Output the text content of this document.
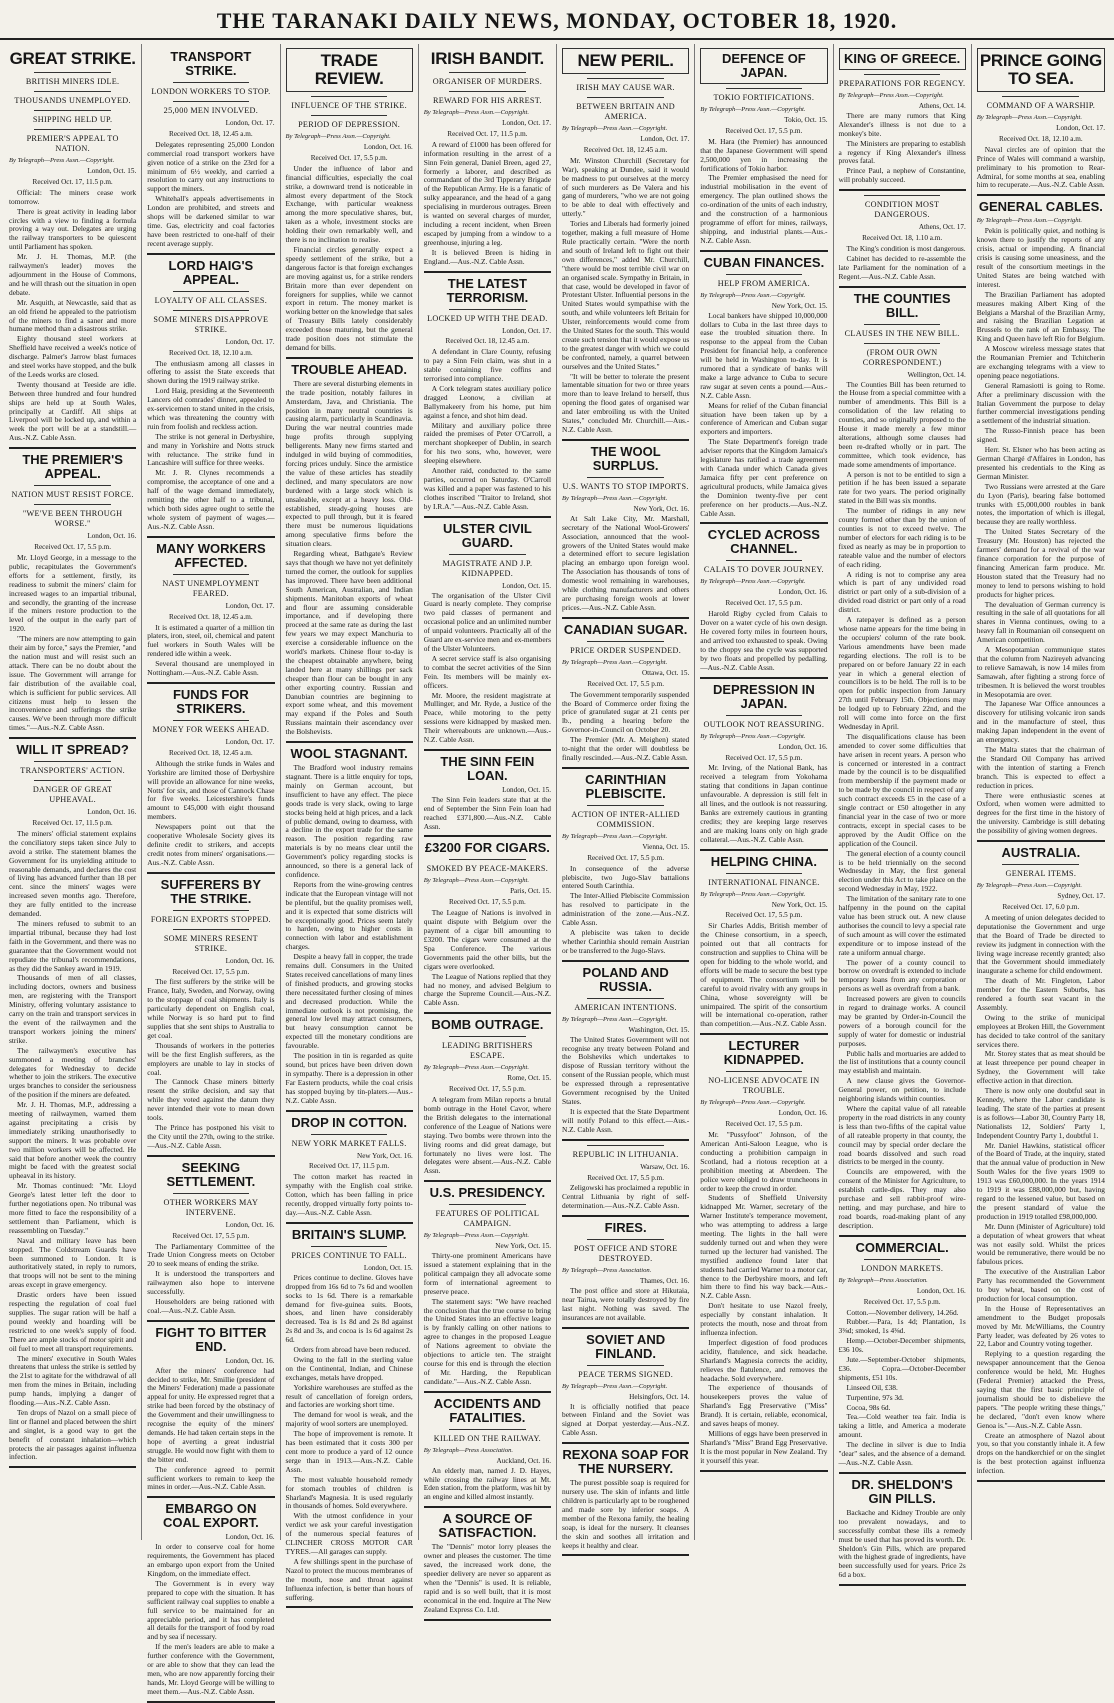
THE TARANAKI DAILY NEWS, MONDAY, OCTOBER 18, 1920.
GREAT STRIKE.
BRITISH MINERS IDLE.
THOUSANDS UNEMPLOYED.
SHIPPING HELD UP.
PREMIER'S APPEAL TO NATION.
By Telegraph—Press Assn.—Copyright.
London, Oct. 15.
Received Oct. 17, 11.5 p.m.

Official: The miners cease work tomorrow.

There is great activity in leading labor circles with a view to finding a formula proving a way out. Delegates are urging the railway transporters to be quiescent until Parliament has spoken.

Mr. J. H. Thomas, M.P. (the railwaymen's leader) moves the adjournment in the House of Commons, and he will thrash out the situation in open debate.

Mr. Asquith, at Newcastle, said that as an old friend he appealed to the patriotism of the miners to find a saner and more humane method than a disastrous strike.

Eighty thousand steel workers at Sheffield have received a week's notice of discharge. Palmer's Jarrow blast furnaces and steel works have stopped, and the bulk of the Leeds works are closed.

Twenty thousand at Teeside are idle. Between three hundred and four hundred ships are held up at South Wales, principally at Cardiff. All ships at Liverpool will be locked up, and within a week the port will be at a standstill.—Aus.-N.Z. Cable Assn.

THE PREMIER'S APPEAL.
NATION MUST RESIST FORCE.
"WE'VE BEEN THROUGH WORSE."
London, Oct. 16.
Received Oct. 17, 5.5 p.m.

Mr. Lloyd George, in a message to the public, recapitulates the Government's efforts for a settlement, firstly, its readiness to submit the miners' claim for increased wages to an impartial tribunal, and secondly, the granting of the increase if the miners restore production to the level of the output in the early part of 1920.

"The miners are now attempting to gain their aim by force," says the Premier, "and the nation must and will resist such an attack. There can be no doubt about the issue. The Government will arrange for fair distribution of the available coal, which is sufficient for public services. All citizens must help to lessen the inconvenience and sufferings the strike causes. We've been through more difficult times."—Aus.-N.Z. Cable Assn.

WILL IT SPREAD?
TRANSPORTERS' ACTION.
DANGER OF GREAT UPHEAVAL.
London, Oct. 16.
Received Oct. 17, 11.5 p.m.

The miners' official statement explains the conciliatory steps taken since July to avoid a strike. The statement blames the Government for its unyielding attitude to reasonable demands, and declares the cost of living has advanced further than 18 per cent. since the miners' wages were increased seven months ago. Therefore, they are fully entitled to the increase demanded.

The miners refused to submit to an impartial tribunal, because they had lost faith in the Government, and there was no guarantee that the Government would not repudiate the tribunal's recommendations, as they did the Sankey award in 1919.

Thousands of men of all classes, including doctors, owners and business men, are registering with the Transport Ministry, offering voluntary assistance to carry on the train and transport services in the event of the railwaymen and the transport workers joining the miners' strike.

The railwaymen's executive has summoned a meeting of branches' delegates for Wednesday to decide whether to join the strikers. The executive urges branches to consider the seriousness of the position if the miners are defeated.

Mr. J. H. Thomas, M.P., addressing a meeting of railwaymen, warned them against precipitating a crisis by immediately striking unauthorisedly to support the miners. It was probable over two million workers will be affected. He said that before another week the country might be faced with the greatest social upheaval in its history.

Mr. Thomas continued: "Mr. Lloyd George's latest letter left the door to further negotiations open. No tribunal was more fitted to face the responsibility of a settlement than Parliament, which is reassembling on Tuesday."

Naval and military leave has been stopped. The Coldstream Guards have been summoned to London. It is authoritatively stated, in reply to rumors, that troops will not be sent to the mining areas except in grave emergency.

Drastic orders have been issued respecting the regulation of coal fuel supplies. The sugar ration will be half a pound weekly and hoarding will be restricted to one week's supply of food. There are ample stocks of motor spirit and oil fuel to meet all transport requirements.

The miners' executive in South Wales threatens that unless the strike is settled by the 21st to agitate for the withdrawal of all men from the mines in Britain, including pump hands, implying a danger of flooding.—Aus.-N.Z. Cable Assn.

Ten drops of Nazol on a small piece of lint or flannel and placed between the shirt and singlet, is a good way to get the benefit of constant inhalation—which protects the air passages against influenza infection.

TRANSPORT STRIKE.
LONDON WORKERS TO STOP.
25,000 MEN INVOLVED.
London, Oct. 17.
Received Oct. 18, 12.45 a.m.

Delegates representing 25,000 London commercial road transport workers have given notice of a strike on the 23rd for a minimum of 6½ weekly, and carried a resolution to carry out any instructions to support the miners.

Whitehall's appeals advertisements in London are prohibited, and streets and shops will be darkened similar to war time. Gas, electricity and coal factories have been restricted to one-half of their recent average supply.

LORD HAIG'S APPEAL.
LOYALTY OF ALL CLASSES.
SOME MINERS DISAPPROVE STRIKE.
London, Oct. 17.
Received Oct. 18, 12.10 a.m.

The enthusiasm among all classes in offering to assist the State exceeds that shown during the 1919 railway strike.

Lord Haig, presiding at the Seventeenth Lancers old comrades' dinner, appealed to ex-servicemen to stand united in the crisis, which was threatening the country with ruin from foolish and reckless action.

The strike is not general in Derbyshire, and many in Yorkshire and Notts struck with reluctance. The strike fund in Lancashire will suffice for three weeks.

Mr. J. R. Clynes recommends a compromise, the acceptance of one and a half of the wage demand immediately, remitting the other half to a tribunal, which both sides agree ought to settle the whole system of payment of wages.—Aus.-N.Z. Cable Assn.

MANY WORKERS AFFECTED.
NAST UNEMPLOYMENT FEARED.
London, Oct. 17.
Received Oct. 18, 12.45 a.m.

It is estimated a quarter of a million tin platers, iron, steel, oil, chemical and patent fuel workers in South Wales will be rendered idle within a week.

Several thousand are unemployed in Nottingham.—Aus.-N.Z. Cable Assn.

FUNDS FOR STRIKERS.
MONEY FOR WEEKS AHEAD.
London, Oct. 17.
Received Oct. 18, 12.45 a.m.

Although the strike funds in Wales and Yorkshire are limited those of Derbyshire will provide an allowance for nine weeks, Notts' for six, and those of Cannock Chase for five weeks. Leicestershire's funds amount to £45,000 with eight thousand members.

Newspapers point out that the cooperative Wholesale Society gives its definite credit to strikers, and accepts credit notes from miners' organisations.—Aus.-N.Z. Cable Assn.

SUFFERERS BY THE STRIKE.
FOREIGN EXPORTS STOPPED.
SOME MINERS RESENT STRIKE.
London, Oct. 16.
Received Oct. 17, 5.5 p.m.

The first sufferers by the strike will be France, Italy, Sweden, and Norway, owing to the stoppage of coal shipments. Italy is particularly dependent on English coal, while Norway is so hard put to find supplies that she sent ships to Australia to get coal.

Thousands of workers in the potteries will be the first English sufferers, as the employers are unable to lay in stocks of coal.

The Cannock Chase miners bitterly resent the strike decision, and say that while they voted against the datum they never intended their vote to mean down tools.

The Prince has postponed his visit to the City until the 27th, owing to the strike.—Aus.-N.Z. Cable Assn.

SEEKING SETTLEMENT.
OTHER WORKERS MAY INTERVENE.
London, Oct. 16.
Received Oct. 17, 5.5 p.m.

The Parliamentary Committee of the Trade Union Congress meets on October 20 to seek means of ending the strike.

It is understood the transporters and railwaymen also hope to intervene successfully.

Householders are being rationed with coal.—Aus.-N.Z. Cable Assn.

FIGHT TO BITTER END.
London, Oct. 16.

After the miners' conference had decided to strike, Mr. Smillie (president of the Miners' Federation) made a passionate appeal for unity. He expressed regret that a strike had been forced by the obstinacy of the Government and their unwillingness to recognise the equity of the miners' demands. He had taken certain steps in the hope of averting a great industrial struggle. He would now fight with them to the bitter end.

The conference agreed to permit sufficient workers to remain to keep the mines in order.—Aus.-N.Z. Cable Assn.

EMBARGO ON COAL EXPORT.
London, Oct. 16.

In order to conserve coal for home requirements, the Government has placed an embargo upon export from the United Kingdom, on the immediate effect.

The Government is in every way prepared to cope with the situation. It has sufficient railway coal supplies to enable a full service to be maintained for an appreciable period, and it has completed all details for the transport of food by road and by sea if necessary.

If the men's leaders are able to make a further conference with the Government, or are able to show that they can lead the men, who are now apparently forcing their hands, Mr. Lloyd George will be willing to meet them.—Aus.-N.Z. Cable Assn.

TRADE REVIEW.
INFLUENCE OF THE STRIKE.
PERIOD OF DEPRESSION.
By Telegraph—Press Assn.—Copyright.
London, Oct. 16.
Received Oct. 17, 5.5 p.m.

Under the influence of labor and financial difficulties, especially the coal strike, a downward trend is noticeable in almost every department of the Stock Exchange, with particular weakness among the more speculative shares, but, taken as a whole, investment stocks are holding their own remarkably well, and there is no inclination to realise.

Financial circles generally expect a speedy settlement of the strike, but a dangerous factor is that foreign exchanges are moving against us, for a strike renders Britain more than ever dependent on foreigners for supplies, while we cannot export in return. The money market is working better on the knowledge that sales of Treasury Bills lately considerably exceeded those maturing, but the general trade position does not stimulate the demand for bills.

TROUBLE AHEAD.

There are several disturbing elements in the trade position, notably failures in Amsterdam, Java, and Christiania. The position in many neutral countries is causing alarm, particularly in Scandinavia. During the war neutral countries made huge profits through supplying belligerents. Many new firms started and indulged in wild buying of commodities, forcing prices unduly. Since the armistice the value of these articles has steadily declined, and many speculators are now burdened with a large stock which is unsaleable, except at a heavy loss. Old-established, steady-going houses are expected to pull through, but it is feared there must be numerous liquidations among speculative firms before the situation clears.

Regarding wheat, Bathgate's Review says that though we have not yet definitely turned the corner, the outlook for supplies has improved. There have been additional South American, Australian, and Indian shipments. Manitoban exports of wheat and flour are assuming considerable importance, and if developing there proceed at the same rate as during the last few years we may expect Manchuria to exercise a considerable influence on the world's markets. Chinese flour to-day is the cheapest obtainable anywhere, being landed here at many shillings per sack cheaper than flour can be bought in any other exporting country. Russian and Danubian countries are beginning to export some wheat, and this movement may expand if the Poles and South Russians maintain their ascendancy over the Bolshevists.

WOOL STAGNANT.

The Bradford wool industry remains stagnant. There is a little enquiry for tops, mainly on German account, but insufficient to have any effect. The piece goods trade is very slack, owing to large stocks being held at high prices, and a lack of public demand, owing to dearness, with a decline in the export trade for the same reason. The position regarding raw materials is by no means clear until the Government's policy regarding stocks is announced, so there is a general lack of confidence.

Reports from the wine-growing centres indicate that the European vintage will not be plentiful, but the quality promises well, and it is expected that some districts will be exceptionally good. Prices seem lately to harden, owing to higher costs in connection with labor and establishment charges.

Despite a heavy fall in copper, the trade remains dull. Consumers in the United States received cancellations of many lines of finished products, and growing stocks there necessitated further closing of mines and decreased production. While the immediate outlook is not promising, the general low level may attract consumers, but heavy consumption cannot be expected till the monetary conditions are favourable.

The position in tin is regarded as quite sound, but prices have been driven down in sympathy. There is a depression in other Far Eastern products, while the coal crisis has stopped buying by tin-platers.—Aus.-N.Z. Cable Assn.

DROP IN COTTON.
NEW YORK MARKET FALLS.
New York, Oct. 16.
Received Oct. 17, 11.5 p.m.

The cotton market has reacted in sympathy with the English coal strike. Cotton, which has been falling in price recently, dropped virtually forty points to-day.—Aus.-N.Z. Cable Assn.

BRITAIN'S SLUMP.
PRICES CONTINUE TO FALL.
London, Oct. 15.

Prices continue to decline. Gloves have dropped from 16s 6d to 7s 6d and woollen socks to 1s 6d. There is a remarkable demand for five-guinea suits. Boots, shoes, and linen have considerably decreased. Tea is 1s 8d and 2s 8d against 2s 8d and 3s, and cocoa is 1s 6d against 2s 6d.

Orders from abroad have been reduced.

Owing to the fall in the sterling value on the Continental, Indian, and Chinese exchanges, metals have dropped.

Yorkshire warehouses are stuffed as the result of cancellation of foreign orders, and factories are working short time.

The demand for wool is weak, and the majority of wool sorters are unemployed.

The hope of improvement is remote. It has been estimated that it costs 300 per cent more to produce a yard of 12 ounce serge than in 1913.—Aus.-N.Z. Cable Assn.

The most valuable household remedy for stomach troubles of children is Sharland's Magnesia. It is used regularly in thousands of homes. Sold everywhere.

With the utmost confidence in your verdict we ask your careful investigation of the numerous special features of CLINCHER CROSS MOTOR CAR TYRES.—All garages can supply.

A few shillings spent in the purchase of Nazol to protect the mucous membranes of the mouth, nose and throat against Influenza infection, is better than hours of suffering.

IRISH BANDIT.
ORGANISER OF MURDERS.
REWARD FOR HIS ARREST.
By Telegraph—Press Assn.—Copyright.
London, Oct. 17.
Received Oct. 17, 11.5 p.m.

A reward of £1000 has been offered for information resulting in the arrest of a Sinn Fein general, Daniel Breen, aged 27, formerly a laborer, and described as commandant of the 3rd Tipperary Brigade of the Republican Army. He is a fanatic of sulky appearance, and the head of a gang specialising in murderous outrages. Breen is wanted on several charges of murder, including a recent incident, when Breen escaped by jumping from a window to a greenhouse, injuring a leg.

It is believed Breen is hiding in England.—Aus.-N.Z. Cable Assn.

THE LATEST TERRORISM.
LOCKED UP WITH THE DEAD.
London, Oct. 17.
Received Oct. 18, 12.45 a.m.

A defendant in Clare County, refusing to pay a Sinn Fein claim, was shut in a stable containing five coffins and terrorised into compliance.

A Cork telegram states auxiliary police dragged Leonow, a civilian at Ballymakeery from his home, put him against a fence, and shot him dead.

Military and auxiliary police three raided the premises of Peter O'Carroll, a merchant shopkeeper of Dublin, in search for his two sons, who, however, were sleeping elsewhere.

Another raid, conducted to the same parties, occurred on Saturday. O'Carroll was killed and a paper was fastened to his clothes inscribed "Traitor to Ireland, shot by I.R.A."—Aus.-N.Z. Cable Assn.

ULSTER CIVIL GUARD.
MAGISTRATE AND J.P. KIDNAPPED.
London, Oct. 15.

The organisation of the Ulster Civil Guard is nearly complete. They comprise two paid classes of permanent and occasional police and an unlimited number of unpaid volunteers. Practically all of the Guard are ex-service men and ex-members of the Ulster Volunteers.

A secret service staff is also organising to combat the secret activities of the Sinn Fein. Its members will be mainly ex-officers.

Mr. Moore, the resident magistrate at Mullinger, and Mr. Ryde, a Justice of the Peace, while motoring to the petty sessions were kidnapped by masked men. Their whereabouts are unknown.—Aus.-N.Z. Cable Assn.

THE SINN FEIN LOAN.
London, Oct. 15.

The Sinn Fein leaders state that at the end of September the Sinn Fein loan had reached £371,800.—Aus.-N.Z. Cable Assn.

£3200 FOR CIGARS.
SMOKED BY PEACE-MAKERS.
By Telegraph—Press Assn.—Copyright.
Paris, Oct. 15.
Received Oct. 17, 5.5 p.m.

The League of Nations is involved in quaint dispute with Belgium over the payment of a cigar bill amounting to £3200. The cigars were consumed at the Spa Conference. The various Governments paid the other bills, but the cigars were overlooked.

The League of Nations replied that they had no money, and advised Belgium to charge the Supreme Council.—Aus.-N.Z. Cable Assn.

BOMB OUTRAGE.
LEADING BRITISHERS ESCAPE.
By Telegraph—Press Assn.—Copyright.
Rome, Oct. 15.
Received Oct. 17, 5.5 p.m.

A telegram from Milan reports a brutal bomb outrage in the Hotel Cavor, where the British delegates to the international conference of the League of Nations were staying. Two bombs were thrown into the living rooms and did great damage, but fortunately no lives were lost. The delegates were absent.—Aus.-N.Z. Cable Assn.

U.S. PRESIDENCY.
FEATURES OF POLITICAL CAMPAIGN.
By Telegraph—Press Assn.—Copyright.
New York, Oct. 15.

Thirty-one prominent Americans have issued a statement explaining that in the political campaign they all advocate some form of international agreement to preserve peace.

The statement says: "We have reached the conclusion that the true course to bring the United States into an effective league is by frankly calling on other nations to agree to changes in the proposed League of Nations agreement to obviate the objections to article ten. The straight course for this end is through the election of Mr. Harding, the Republican candidate."—Aus.-N.Z. Cable Assn.

ACCIDENTS AND FATALITIES.
KILLED ON THE RAILWAY.
By Telegraph—Press Association.
Auckland, Oct. 16.

An elderly man, named J. D. Hayes, while crossing the railway lines at Mt. Eden station, from the platform, was hit by an engine and killed almost instantly.

A SOURCE OF SATISFACTION.

The "Dennis" motor lorry pleases the owner and pleases the customer. The time saved, the increased work done, the speedier delivery are never so apparent as when the "Dennis" is used. It is reliable, rapid and is so well built, that it is most economical in the end. Inquire at The New Zealand Express Co. Ltd.

NEW PERIL.
IRISH MAY CAUSE WAR.
BETWEEN BRITAIN AND AMERICA.
By Telegraph—Press Assn.—Copyright.
London, Oct. 17.
Received Oct. 18, 12.45 a.m.

Mr. Winston Churchill (Secretary for War), speaking at Dundee, said it would be madness to put ourselves at the mercy of such murderers as De Valera and his gang of murderers, "who we are not going to be able to deal with effectively and utterly."

Tories and Liberals had formerly joined together, making a full measure of Home Rule practically certain. "Were the north and south of Ireland left to fight out their own differences," added Mr. Churchill, "there would be most terrible civil war on an organised scale. Sympathy in Britain, in that case, would be developed in favor of Protestant Ulster. Influential persons in the United States would sympathise with the south, and while volunteers left Britain for Ulster, reinforcements would come from the United States for the south. This would create such tension that it would expose us to the greatest danger with which we could be confronted, namely, a quarrel between ourselves and the United States."

"It will be better to tolerate the present lamentable situation for two or three years more than to leave Ireland to herself, thus opening the flood gates of organised war and later embroiling us with the United States," concluded Mr. Churchill.—Aus.-N.Z. Cable Assn.

THE WOOL SURPLUS.
U.S. WANTS TO STOP IMPORTS.
By Telegraph—Press Assn.—Copyright.
New York, Oct. 16.

At Salt Lake City, Mr. Marshall, secretary of the National Wool-Growers' Association, announced that the wool-growers of the United States would make a determined effort to secure legislation placing an embargo upon foreign wool. The Association has thousands of tons of domestic wool remaining in warehouses, while clothing manufacturers and others are purchasing foreign wools at lower prices.—Aus.-N.Z. Cable Assn.

CANADIAN SUGAR.
PRICE ORDER SUSPENDED.
By Telegraph—Press Assn.—Copyright.
Ottawa, Oct. 15.
Received Oct. 17, 5.5 p.m.

The Government temporarily suspended the Board of Commerce order fixing the price of granulated sugar at 21 cents per lb., pending a hearing before the Governor-in-Council on October 20.

The Premier (Mr. A. Meighen) stated to-night that the order will doubtless be finally rescinded.—Aus.-N.Z. Cable Assn.

CARINTHIAN PLEBISCITE.
ACTION OF INTER-ALLIED COMMISSION.
By Telegraph—Press Assn.—Copyright.
Vienna, Oct. 15.
Received Oct. 17, 5.5 p.m.

In consequence of the adverse plebiscite, two Jugo-Slav battalions entered South Carinthia.

The Inter-Allied Plebiscite Commission has resolved to participate in the administration of the zone.—Aus.-N.Z. Cable Assn.

A plebiscite was taken to decide whether Carinthia should remain Austrian or be transferred to the Jugo-Slavs.

POLAND AND RUSSIA.
AMERICAN INTENTIONS.
By Telegraph—Press Assn.—Copyright.
Washington, Oct. 15.

The United States Government will not recognise any treaty between Poland and the Bolsheviks which undertakes to dispose of Russian territory without the consent of the Russian people, which must be expressed through a representative Government recognised by the United States.

It is expected that the State Department will notify Poland to this effect.—Aus.-N.Z. Cable Assn.

REPUBLIC IN LITHUANIA.
Warsaw, Oct. 16.
Received Oct. 17, 5.5 p.m.

Zeligowski has proclaimed a republic in Central Lithuania by right of self-determination.—Aus.-N.Z. Cable Assn.

FIRES.
POST OFFICE AND STORE DESTROYED.
By Telegraph—Press Association.
Thames, Oct. 16.

The post office and store at Hikutaia, near Tairua, were totally destroyed by fire last night. Nothing was saved. The insurances are not available.

SOVIET AND FINLAND.
PEACE TERMS SIGNED.
By Telegraph—Press Assn.—Copyright.
Helsingfors, Oct. 14.

It is officially notified that peace between Finland and the Soviet was signed at Dorpat yesterday.—Aus.-N.Z. Cable Assn.

REXONA SOAP FOR THE NURSERY.

The purest possible soap is required for nursery use. The skin of infants and little children is particularly apt to be roughened and made sore by inferior soaps. A member of the Rexona family, the healing soap, is ideal for the nursery. It cleanses the skin and soothes all irritation and keeps it healthy and clear.

DEFENCE OF JAPAN.
TOKIO FORTIFICATIONS.
By Telegraph—Press Assn.—Copyright.
Tokio, Oct. 15.
Received Oct. 17, 5.5 p.m.

M. Hara (the Premier) has announced that the Japanese Government will spend 2,500,000 yen in increasing the fortifications of Tokio harbor.

The Premier emphasised the need for industrial mobilisation in the event of emergency. The plan outlined shows the co-ordination of the units of each industry, and the construction of a harmonious programme of effort for mines, railways, shipping, and industrial plants.—Aus.-N.Z. Cable Assn.

CUBAN FINANCES.
HELP FROM AMERICA.
By Telegraph—Press Assn.—Copyright.
New York, Oct. 15.

Local bankers have shipped 10,000,000 dollars to Cuba in the last three days to ease the troubled situation there. In response to the appeal from the Cuban President for financial help, a conference will be held in Washington to-day. It is rumored that a syndicate of banks will make a large advance to Cuba to secure raw sugar at seven cents a pound.—Aus.-N.Z. Cable Assn.

Means for relief of the Cuban financial situation have been taken up by a conference of American and Cuban sugar exporters and importers.

The State Department's foreign trade adviser reports that the Kingdom Jamaica's legislature has ratified a trade agreement with Canada under which Canada gives Jamaica fifty per cent preference on agricultural products, while Jamaica gives the Dominion twenty-five per cent preference on her products.—Aus.-N.Z. Cable Assn.

CYCLED ACROSS CHANNEL.
CALAIS TO DOVER JOURNEY.
By Telegraph—Press Assn.—Copyright.
London, Oct. 16.
Received Oct. 17, 5.5 p.m.

Harold Rigby cycled from Calais to Dover on a water cycle of his own design. He covered forty miles in fourteen hours, and arrived too exhausted to speak. Owing to the choppy sea the cycle was supported by two floats and propelled by pedalling.—Aus.-N.Z. Cable Assn.

DEPRESSION IN JAPAN.
OUTLOOK NOT REASSURING.
By Telegraph—Press Assn.—Copyright.
London, Oct. 16.
Received Oct. 17, 5.5 p.m.

Mr. Irving, of the National Bank, has received a telegram from Yokohama stating that conditions in Japan continue unfavourable. A depression is still felt in all lines, and the outlook is not reassuring. Banks are extremely cautious in granting credits; they are keeping large reserves and are making loans only on high grade collateral.—Aus.-N.Z. Cable Assn.

HELPING CHINA.
INTERNATIONAL FINANCE.
By Telegraph—Press Assn.—Copyright.
New York, Oct. 15.
Received Oct. 17, 5.5 p.m.

Sir Charles Addis, British member of the Chinese consortium, in a speech, pointed out that all contracts for construction and supplies to China will be open for bidding to the whole world, and efforts will be made to secure the best type of equipment. The consortium will be careful to avoid rivalry with any groups in China, whose sovereignty will be unimpaired. The spirit of the consortium will be international co-operation, rather than competition.—Aus.-N.Z. Cable Assn.

LECTURER KIDNAPPED.
NO-LICENSE ADVOCATE IN TROUBLE.
By Telegraph—Press Assn.—Copyright.
London, Oct. 16.
Received Oct. 17, 5.5 p.m.

Mr. "Pussyfoot" Johnson, of the American Anti-Saloon League, who is conducting a prohibition campaign in Scotland, had a riotous reception at a prohibition meeting at Aberdeen. The police were obliged to draw truncheons in order to keep the crowd in order.

Students of Sheffield University kidnapped Mr. Warner, secretary of the Warner Institute's temperance movement, who was attempting to address a large meeting. The lights in the hall were suddenly turned out and when they were turned up the lecturer had vanished. The mystified audience found later that students had carried Warner to a motor car, thence to the Derbyshire moors, and left him there to find his way back.—Aus.-N.Z. Cable Assn.

Don't hesitate to use Nazol freely, especially by constant inhalation. It protects the mouth, nose and throat from influenza infection.

Imperfect digestion of food produces acidity, flatulence, and sick headache. Sharland's Magnesia corrects the acidity, relieves the flatulence, and removes the headache. Sold everywhere.

The experience of thousands of housekeepers proves the value of Sharland's Egg Preservative ("Miss" Brand). It is certain, reliable, economical, and saves heaps of money.

Millions of eggs have been preserved in Sharland's "Miss" Brand Egg Preservative. It is the most popular in New Zealand. Try it yourself this year.

KING OF GREECE.
PREPARATIONS FOR REGENCY.
By Telegraph—Press Assn.—Copyright.
Athens, Oct. 14.

There are many rumors that King Alexander's illness is not due to a monkey's bite.

The Ministers are preparing to establish a regency if King Alexander's illness proves fatal.

Prince Paul, a nephew of Constantine, will probably succeed.

CONDITION MOST DANGEROUS.
Athens, Oct. 17.
Received Oct. 18, 1.10 a.m.

The King's condition is most dangerous.

Cabinet has decided to re-assemble the late Parliament for the nomination of a Regent.—Aus.-N.Z. Cable Assn.

THE COUNTIES BILL.
CLAUSES IN THE NEW BILL.
(FROM OUR OWN CORRESPONDENT.)
Wellington, Oct. 14.

The Counties Bill has been returned to the House from a special committee with a number of amendments. This Bill is a consolidation of the law relating to counties, and so originally proposed to the House it made merely a few minor alterations, although some clauses had been re-drafted wholly or in part. The committee, which took evidence, has made some amendments of importance.

A person is not to be entitled to sign a petition if he has been issued a separate rate for two years. The period originally stated in the Bill was six months.

The number of ridings in any new county formed other than by the union of counties is not to exceed twelve. The number of electors for each riding is to be fixed as nearly as may be in proportion to rateable value and the number of electors of each riding.

A riding is not to comprise any area which is part of any undivided road district or part only of a sub-division of a divided road district or part only of a road district.

A ratepayer is defined as a person whose name appears for the time being in the occupiers' column of the rate book. Various amendments have been made regarding elections. The roll is to be prepared on or before January 22 in each year in which a general election of councillors is to be held. The roll is to be open for public inspection from January 27th until February 15th. Objections may be lodged up to February 22nd, and the roll will come into force on the first Wednesday in April.

The disqualifications clause has been amended to cover some difficulties that have arisen in recent years. A person who is concerned or interested in a contract made by the council is to be disqualified from membership if the payment made or to be made by the council in respect of any such contract exceeds £5 in the case of a single contract or £50 altogether in any financial year in the case of two or more contracts, except in special cases to be approved by the Audit Office on the application of the Council.

The general election of a county council is to be held triennially on the second Wednesday in May, the first general election under this Act to take place on the second Wednesday in May, 1922.

The limitation of the sanitary rate to one halfpenny in the pound on the capital value has been struck out. A new clause authorises the council to levy a special rate of such amount as will cover the estimated expenditure or to impose instead of the rate a uniform annual charge.

The power of a county council to borrow on overdraft is extended to include temporary loans from any corporation or persons as well as overdraft from a bank.

Increased powers are given to councils in regard to drainage works. A council may be granted by Order-in-Council the powers of a borough council for the supply of water for domestic or industrial purposes.

Public halls and mortuaries are added to the list of institutions that a county council may establish and maintain.

A new clause gives the Governor-General power, on petition, to include neighboring islands within counties.

Where the capital value of all rateable property in the road districts in any county is less than two-fifths of the capital value of all rateable property in that county, the council may by special order declare the road boards dissolved and such road districts to be merged in the county.

Councils are empowered, with the consent of the Minister for Agriculture, to establish cattle-dips. They may also purchase and sell rabbit-proof wire-netting, and may purchase, and hire to road boards, road-making plant of any description.

COMMERCIAL.
LONDON MARKETS.
By Telegraph—Press Association.
London, Oct. 16.
Received Oct. 17, 5.5 p.m.

Cotton.—November delivery, 14.26d.

Rubber.—Para, 1s 4d; Plantation, 1s 3⅜d; smoked, 1s 4⅜d.

Hemp.—October-December shipments, £36 10s.

Jute.—September-October shipments, £36. Copra.—October-December shipments, £51 10s.

Linseed Oil, £38.

Turpentine, 97s 3d.

Cocoa, 98s 6d.

Tea.—Cold weather tea fair. India is taking a little, and America a moderate amount.

The decline in silver is due to India "dear" sales, and the absence of a demand.—Aus.-N.Z. Cable Assn.

DR. SHELDON'S GIN PILLS.

Backache and Kidney Trouble are only too prevalent nowadays, and to successfully combat these ills a remedy must be used that has proved its worth. Dr. Sheldon's Gin Pills, which are prepared with the highest grade of ingredients, have been successfully used for years. Price 2s 6d a box.

PRINCE GOING TO SEA.
COMMAND OF A WARSHIP.
By Telegraph—Press Assn.—Copyright.
London, Oct. 17.
Received Oct. 18, 12.10 a.m.

Naval circles are of opinion that the Prince of Wales will command a warship, preliminary to his promotion to Rear-Admiral, for some months at sea, enabling him to recuperate.—Aus.-N.Z. Cable Assn.

GENERAL CABLES.
By Telegraph—Press Assn.—Copyright.

Pekin is politically quiet, and nothing is known there to justify the reports of any crisis, actual or impending. A financial crisis is causing some uneasiness, and the result of the consortium meetings in the United States are being watched with interest.

The Brazilian Parliament has adopted measures making Albert King of the Belgians a Marshal of the Brazilian Army, and raising the Brazilian Legation at Brussels to the rank of an Embassy. The King and Queen have left Rio for Belgium.

A Moscow wireless message states that the Roumanian Premier and Tchitcherin are exchanging telegrams with a view to opening peace negotiations.

General Ramasiotti is going to Rome. After a preliminary discussion with the Italian Government the purpose to delay further commercial investigations pending a settlement of the industrial situation.

The Russo-Finnish peace has been signed.

Herr. St. Elsner who has been acting as German Chargé d'Affaires in London, has presented his credentials to the King as German Minister.

Two Russians were arrested at the Gare du Lyon (Paris), bearing false bottomed trunks with £5,000,000 roubles in bank notes, the importation of which is illegal, because they are really worthless.

The United States Secretary of the Treasury (Mr. Houston) has rejected the farmers' demand for a revival of the war finance corporation for the purpose of financing American farm produce. Mr. Houston stated that the Treasury had no money to lend to persons wishing to hold products for higher prices.

The devaluation of German currency is resulting in the sale of all quotations for all shares in Vienna continues, owing to a heavy fall in Roumanian oil consequent on American competition.

A Mesopotamian communique states that the column from Nazireyeh advancing to relieve Samawah, is now 14 miles from Samawah, after fighting a strong force of tribesmen. It is believed the worst troubles in Mesopotamia are over.

The Japanese War Office announces a discovery for utilising volcanic iron sands and in the manufacture of steel, thus making Japan independent in the event of an emergency.

The Malta states that the chairman of the Standard Oil Company has arrived with the intention of starting a French branch. This is expected to effect a reduction in prices.

There were enthusiastic scenes at Oxford, when women were admitted to degrees for the first time in the history of the university. Cambridge is still debating the possibility of giving women degrees.

AUSTRALIA.
GENERAL ITEMS.
By Telegraph—Press Assn.—Copyright.
Sydney, Oct. 17.
Received Oct. 17, 6.0 p.m.

A meeting of union delegates decided to deputationise the Government and urge that the Board of Trade be directed to review its judgment in connection with the living wage increase recently granted; also that the Government should immediately inaugurate a scheme for child endowment.

The death of Mr. Fingleton, Labor member for the Eastern Suburbs, has rendered a fourth seat vacant in the Assembly.

Owing to the strike of municipal employees at Broken Hill, the Government has decided to take control of the sanitary services there.

Mr. Storey states that as meat should be at least threepence per pound cheaper in Sydney, the Government will take effective action in that direction.

There is now only one doubtful seat in Kennedy, where the Labor candidate is leading. The state of the parties at present is as follows—Labor 30, Country Party 18, Nationalists 12, Soldiers' Party 1, Independent Country Party 1, doubtful 1.

Mr. Daniel Hawkins, statistical officer of the Board of Trade, at the inquiry, stated that the annual value of production in New South Wales for the five years 1909 to 1913 was £60,000,000. In the years 1914 to 1919 it was £88,000,000 but, having regard to the lessened value, but based on the present standard of value the production in 1919 totalled £98,000,000.

Mr. Dunn (Minister of Agriculture) told a deputation of wheat growers that wheat was not easily sold. Whilst the prices would be remunerative, there would be no fabulous prices.

The executive of the Australian Labor Party has recommended the Government to buy wheat, based on the cost of production for local consumption.

In the House of Representatives an amendment to the Budget proposals moved by Mr. McWilliams, the Country Party leader, was defeated by 26 votes to 22, Labor and Country voting together.

Replying to a question regarding the newspaper announcement that the Genoa conference would be held, Mr. Hughes (Federal Premier) attacked the Press, saying that the first basic principle of journalism should be to disbelieve the papers. "The people writing these things," he declared, "don't even know where Genoa is."—Aus.-N.Z. Cable Assn.

Create an atmosphere of Nazol about you, so that you constantly inhale it. A few drops on the handkerchief or on the singlet is the best protection against influenza infection.
